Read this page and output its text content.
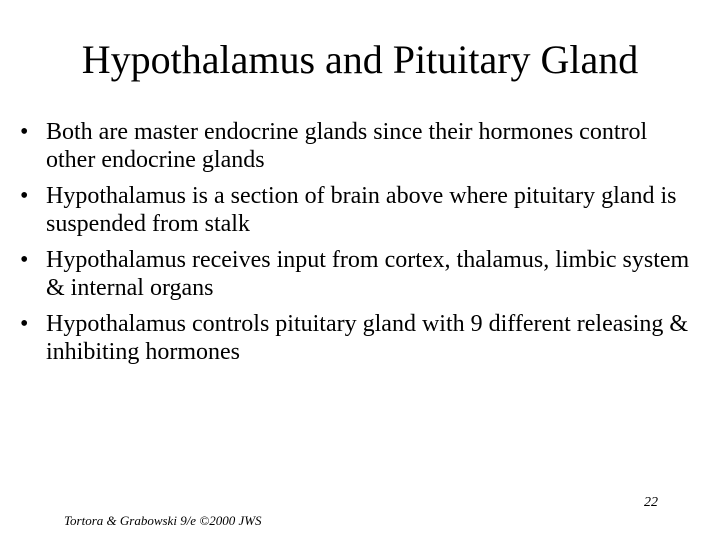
Hypothalamus and Pituitary Gland
• Both are master endocrine glands since their hormones control other endocrine glands
• Hypothalamus is a section of brain above where pituitary gland is suspended from stalk
• Hypothalamus receives input from cortex, thalamus, limbic system & internal organs
• Hypothalamus controls pituitary gland with 9 different releasing & inhibiting hormones
22
Tortora & Grabowski 9/e ©2000 JWS
